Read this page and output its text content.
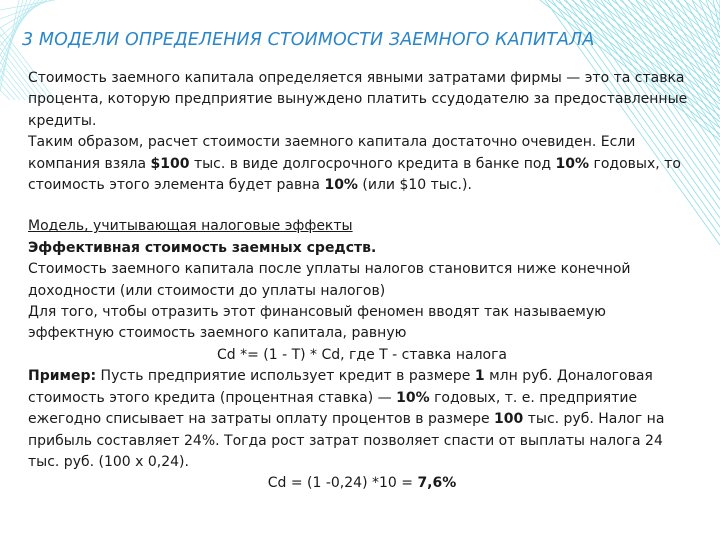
3 МОДЕЛИ ОПРЕДЕЛЕНИЯ СТОИМОСТИ ЗАЕМНОГО КАПИТАЛА

Стоимость заемного капитала определяется явными затратами фирмы — это та ставка процента, которую предприятие вынуждено платить ссудодателю за предоставленные кредиты.

Таким образом, расчет стоимости заемного капитала достаточно очевиден. Если компания взяла $100 тыс. в виде долгосрочного кредита в банке под 10% годовых, то стоимость этого элемента будет равна 10% (или $10 тыс.).

Модель, учитывающая налоговые эффекты

Эффективная стоимость заемных средств.

Стоимость заемного капитала после уплаты налогов становится ниже конечной доходности (или стоимости до уплаты налогов)

Для того, чтобы отразить этот финансовый феномен вводят так называемую эффектную стоимость заемного капитала, равную

Cd *= (1 - T) * Cd, где T - ставка налога

Пример: Пусть предприятие использует кредит в размере 1 млн руб. Доналоговая стоимость этого кредита (процентная ставка) — 10% годовых, т. е. предприятие ежегодно списывает на затраты оплату процентов в размере 100 тыс. руб. Налог на прибыль составляет 24%. Тогда рост затрат позволяет спасти от выплаты налога 24 тыс. руб. (100 х 0,24).

Cd = (1 -0,24) *10 = 7,6%
